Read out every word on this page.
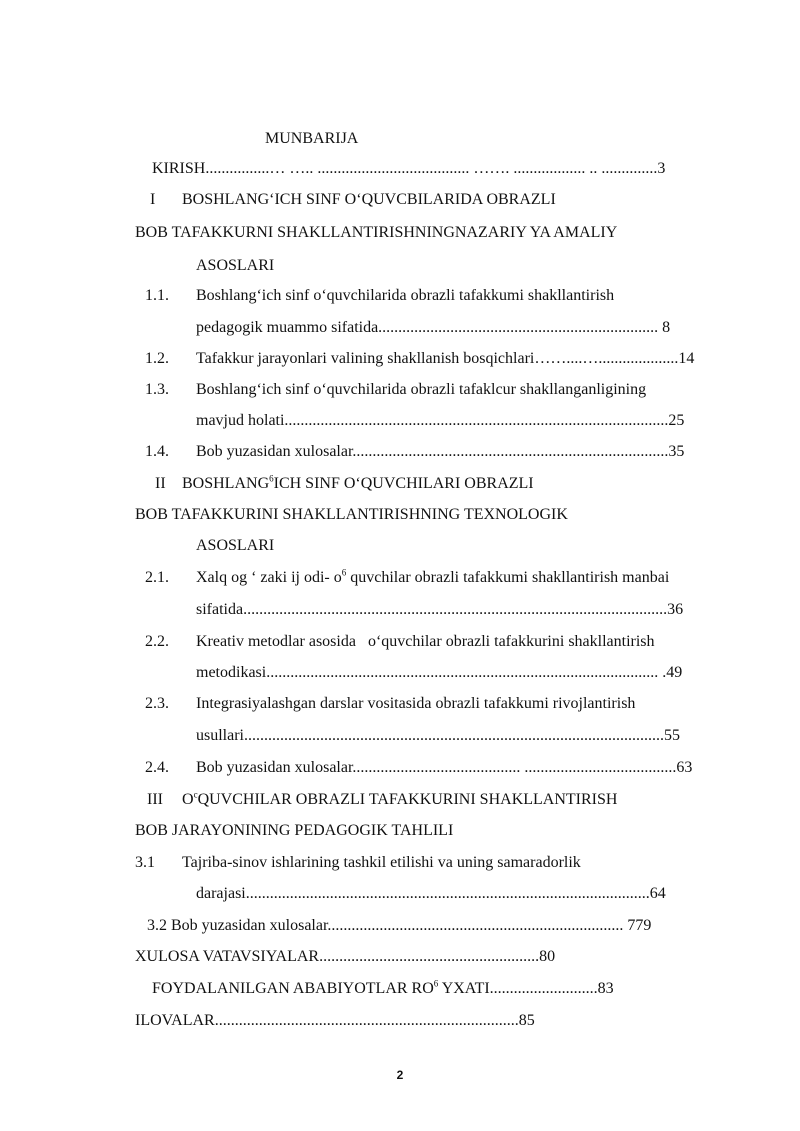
MUNBARIJA
KIRISH................… ….. ...................................... ……. .................. .. ..............3
I BOSHLANG‘ICH SINF O‘QUVCBILARIDA OBRAZLI
BOB TAFAKKURNI SHAKLLANTIRISHNINGNAZARIY YA AMALIY
ASOSLARI
1.1. Boshlang‘ich sinf o‘quvchilarida obrazli tafakkumi shakllantirish
pedagogik muammo sifatida...................................................................... 8
1.2. Tafakkur jarayonlari valining shakllanish bosqichlari……....…....................14
1.3. Boshlang‘ich sinf o‘quvchilarida obrazli tafaklcur shakllanganligining
mavjud holati................................................................................................25
1.4. Bob yuzasidan xulosalar...............................................................................35
II BOSHLANG$^6$ICH SINF O‘QUVCHILARI OBRAZLI
BOB TAFAKKURINI SHAKLLANTIRISHNING TEXNOLOGIK
ASOSLARI
2.1. Xalq og ‘ zaki ij odi- $o^6$ quvchilar obrazli tafakkumi shakllantirish manbai
sifatida..........................................................................................................36
2.2. Kreativ metodlar asosida   o‘quvchilar obrazli tafakkurini shakllantirish
metodikasi.................................................................................................. .49
2.3. Integrasiyalashgan darslar vositasida obrazli tafakkumi rivojlantirish
usullari.........................................................................................................55
2.4. Bob yuzasidan xulosalar.......................................... ......................................63
III $O^cQUVCHILAR$ OBRAZLI TAFAKKURINI SHAKLLANTIRISH
BOB JARAYONINING PEDAGOGIK TAHLILI
3.1 Tajriba-sinov ishlarining tashkil etilishi va uning samaradorlik
darajasi.....................................................................................................64
3.2 Bob yuzasidan xulosalar.......................................................................... 779
XULOSA VATAVSIYALAR.......................................................80
FOYDALANILGAN ABABIYOTLAR $RO^6$ YXATI...........................83
ILOVALAR............................................................................85
2
